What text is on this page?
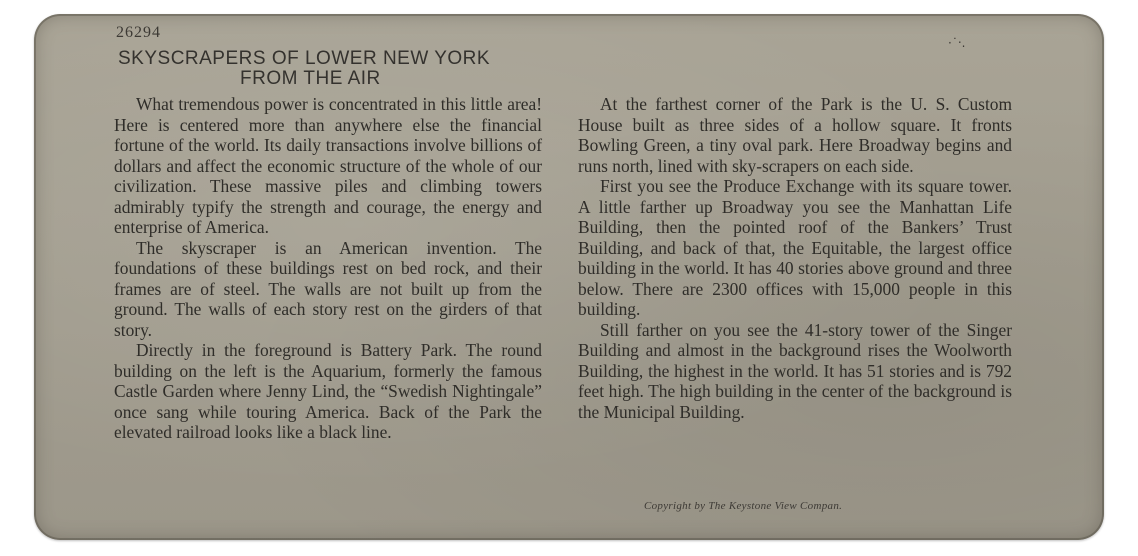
26294
SKYSCRAPERS OF LOWER NEW YORK
FROM THE AIR
·˙‧.

What tremendous power is concentrated in this little area! Here is centered more than anywhere else the financial fortune of the world. Its daily transactions involve billions of dollars and affect the economic structure of the whole of our civilization. These massive piles and climbing towers admirably typify the strength and courage, the energy and enterprise of America.

The skyscraper is an American invention. The foundations of these buildings rest on bed rock, and their frames are of steel. The walls are not built up from the ground. The walls of each story rest on the girders of that story.

Directly in the foreground is Battery Park. The round building on the left is the Aquarium, formerly the famous Castle Garden where Jenny Lind, the “Swedish Nightingale” once sang while touring America. Back of the Park the elevated railroad looks like a black line.

At the farthest corner of the Park is the U. S. Custom House built as three sides of a hollow square. It fronts Bowling Green, a tiny oval park. Here Broadway begins and runs north, lined with sky-scrapers on each side.

First you see the Produce Exchange with its square tower. A little farther up Broadway you see the Manhattan Life Building, then the pointed roof of the Bankers’ Trust Building, and back of that, the Equitable, the largest office building in the world. It has 40 stories above ground and three below. There are 2300 offices with 15,000 people in this building.

Still farther on you see the 41-story tower of the Singer Building and almost in the background rises the Woolworth Building, the highest in the world. It has 51 stories and is 792 feet high. The high building in the center of the background is the Municipal Building.

Copyright by The Keystone View Compan.
